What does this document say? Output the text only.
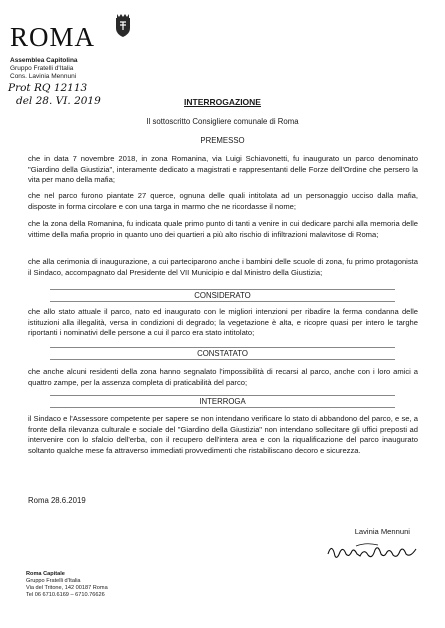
ROMA
Assemblea Capitolina
Gruppo Fratelli d'Italia
Cons. Lavinia Mennuni
Prot RQ 12113
del 28. VI. 2019	INTERROGAZIONE
Il sottoscritto Consigliere comunale di Roma
PREMESSO
che in data 7 novembre 2018, in zona Romanina, via Luigi Schiavonetti, fu inaugurato un parco denominato "Giardino della Giustizia", interamente dedicato a magistrati e rappresentanti delle Forze dell'Ordine che persero la vita per mano della mafia;
che nel parco furono piantate 27 querce, ognuna delle quali intitolata ad un personaggio ucciso dalla mafia, disposte in forma circolare e con una targa in marmo che ne ricordasse il nome;
che la zona della Romanina, fu indicata quale primo punto di tanti a venire in cui dedicare parchi alla memoria delle vittime della mafia proprio in quanto uno dei quartieri a più alto rischio di infiltrazioni malavitose di Roma;
che alla cerimonia di inaugurazione, a cui parteciparono anche i bambini delle scuole di zona, fu primo protagonista il Sindaco, accompagnato dal Presidente del VII Municipio e dal Ministro della Giustizia;
CONSIDERATO
che allo stato attuale il parco, nato ed inaugurato con le migliori intenzioni per ribadire la ferma condanna delle istituzioni alla illegalità, versa in condizioni di degrado; la vegetazione è alta, e ricopre quasi per intero le targhe riportanti i nominativi delle persone a cui il parco era stato intitolato;
CONSTATATO
che anche alcuni residenti della zona hanno segnalato l'impossibilità di recarsi al parco, anche con i loro amici a quattro zampe, per la assenza completa di praticabilità del parco;
INTERROGA
il Sindaco e l'Assessore competente per sapere se non intendano verificare lo stato di abbandono del parco, e se, a fronte della rilevanza culturale e sociale del "Giardino della Giustizia" non intendano sollecitare gli uffici preposti ad intervenire con lo sfalcio dell'erba, con il recupero dell'intera area e con la riqualificazione del parco inaugurato soltanto qualche mese fa attraverso immediati provvedimenti che ristabiliscano decoro e sicurezza.
Roma 28.6.2019
Lavinia Mennuni
Roma Capitale
Gruppo Fratelli d'Italia
Via del Tritone, 142 00187 Roma
Tel 06 6710.6169 – 6710.76626
